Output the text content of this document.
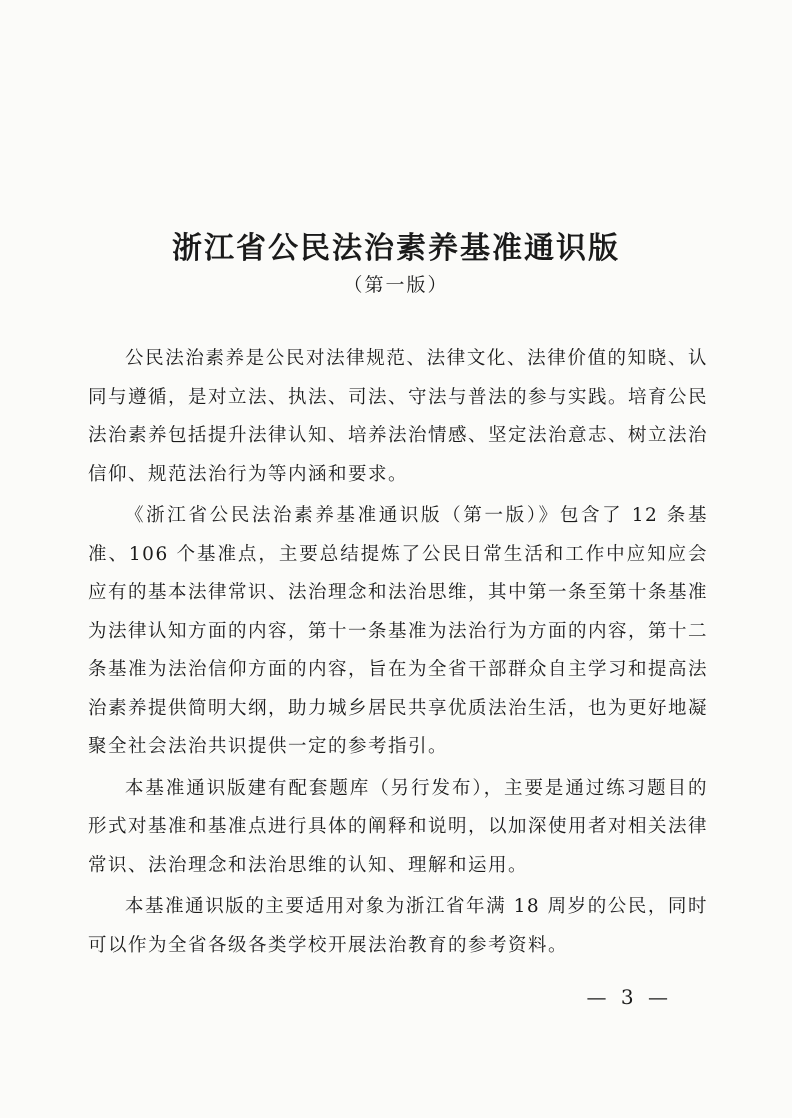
浙江省公民法治素养基准通识版
（第一版）

公民法治素养是公民对法律规范、法律文化、法律价值的知晓、认同与遵循，是对立法、执法、司法、守法与普法的参与实践。培育公民法治素养包括提升法律认知、培养法治情感、坚定法治意志、树立法治信仰、规范法治行为等内涵和要求。

《浙江省公民法治素养基准通识版（第一版）》包含了 12 条基准、106 个基准点，主要总结提炼了公民日常生活和工作中应知应会应有的基本法律常识、法治理念和法治思维，其中第一条至第十条基准为法律认知方面的内容，第十一条基准为法治行为方面的内容，第十二条基准为法治信仰方面的内容，旨在为全省干部群众自主学习和提高法治素养提供简明大纲，助力城乡居民共享优质法治生活，也为更好地凝聚全社会法治共识提供一定的参考指引。

本基准通识版建有配套题库（另行发布），主要是通过练习题目的形式对基准和基准点进行具体的阐释和说明，以加深使用者对相关法律常识、法治理念和法治思维的认知、理解和运用。

本基准通识版的主要适用对象为浙江省年满 18 周岁的公民，同时可以作为全省各级各类学校开展法治教育的参考资料。

— 3 —
